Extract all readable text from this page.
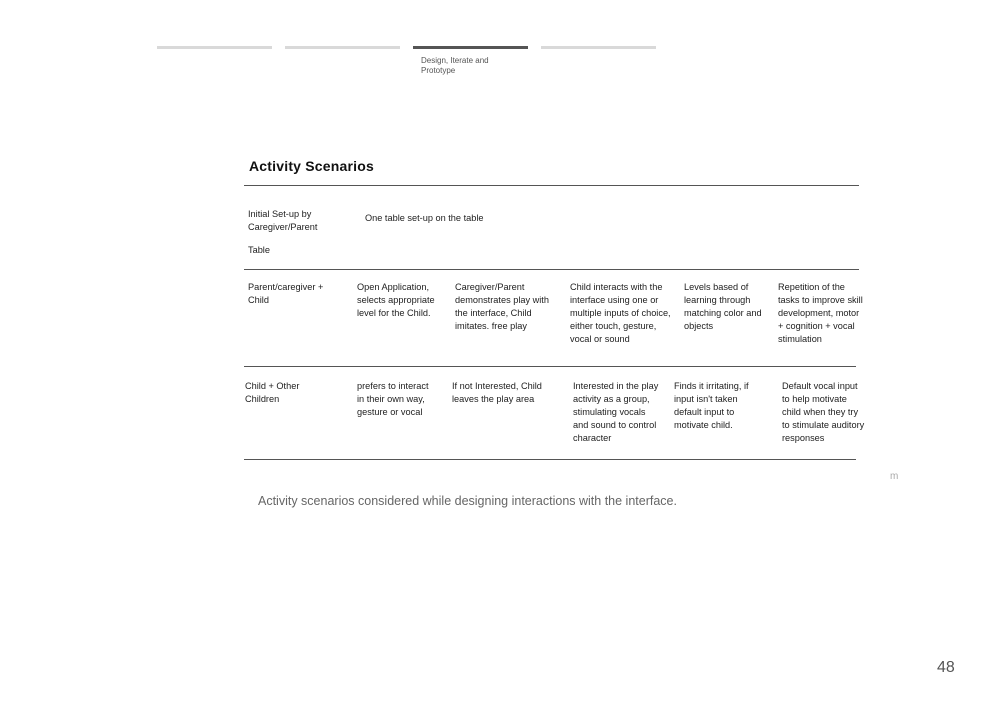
Design, Iterate and Prototype
Activity Scenarios
Initial Set-up by Caregiver/Parent
Table
One table set-up on the table
Parent/caregiver + Child
Open Application, selects appropriate level for the Child.
Caregiver/Parent demonstrates play with the interface, Child imitates. free play
Child interacts with the interface using one or multiple inputs of choice, either touch, gesture, vocal or sound
Levels based of learning through matching color and objects
Repetition of the tasks to improve skill development, motor + cognition + vocal stimulation
Child + Other Children
prefers to interact in their own way, gesture or vocal
If not Interested, Child leaves the play area
Interested in the play activity as a group, stimulating vocals and sound to control character
Finds it irritating, if input isn't taken default input to motivate child.
Default vocal input to help motivate child when they try to stimulate auditory responses
Activity scenarios considered while designing interactions with the interface.
m
48
